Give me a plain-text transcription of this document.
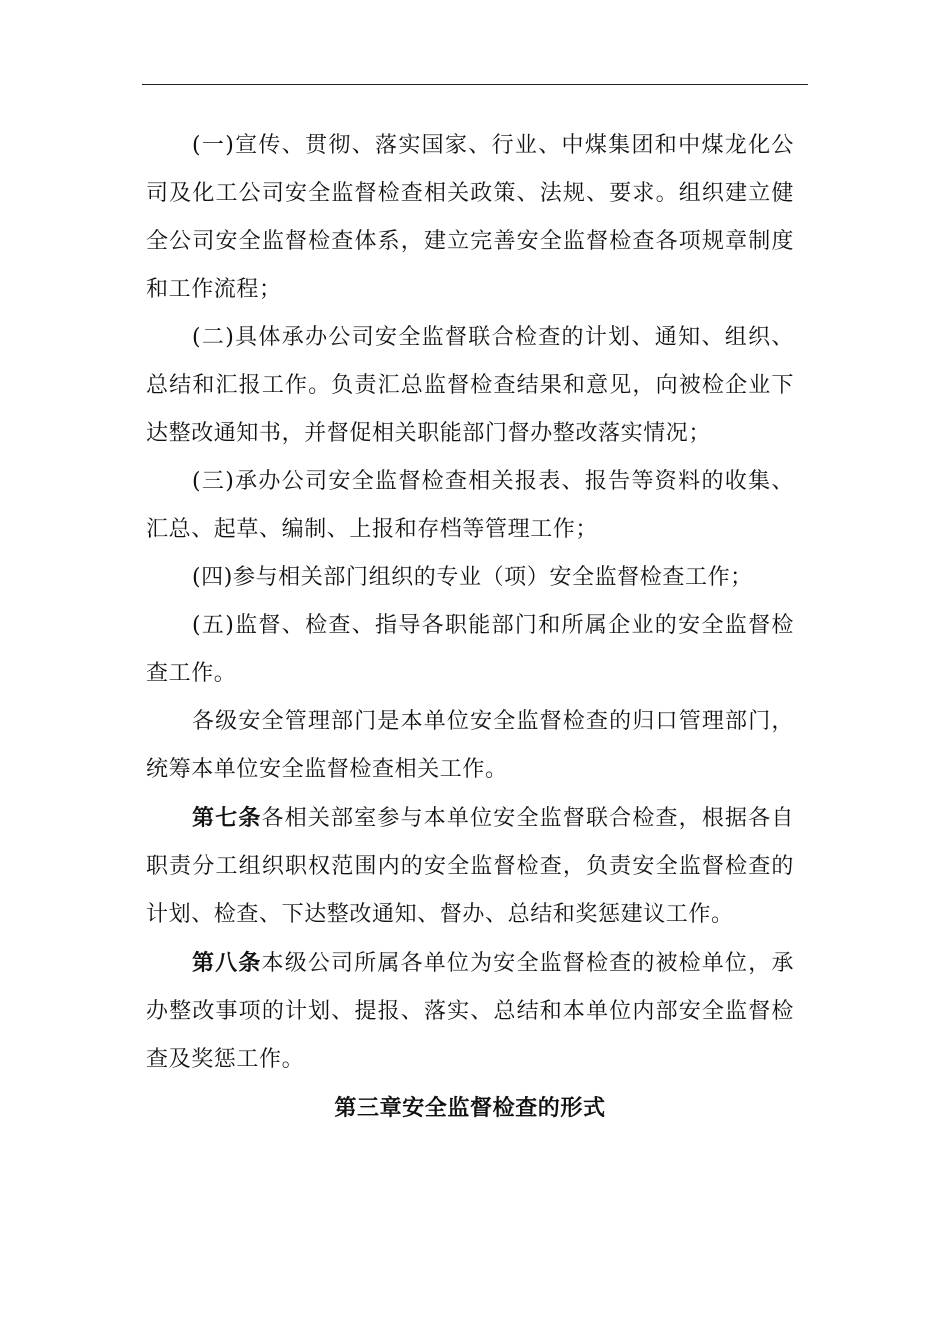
(一)宣传、贯彻、落实国家、行业、中煤集团和中煤龙化公司及化工公司安全监督检查相关政策、法规、要求。组织建立健全公司安全监督检查体系，建立完善安全监督检查各项规章制度和工作流程；

(二)具体承办公司安全监督联合检查的计划、通知、组织、总结和汇报工作。负责汇总监督检查结果和意见，向被检企业下达整改通知书，并督促相关职能部门督办整改落实情况；

(三)承办公司安全监督检查相关报表、报告等资料的收集、汇总、起草、编制、上报和存档等管理工作；

(四)参与相关部门组织的专业（项）安全监督检查工作；

(五)监督、检查、指导各职能部门和所属企业的安全监督检查工作。

各级安全管理部门是本单位安全监督检查的归口管理部门，统筹本单位安全监督检查相关工作。

第七条各相关部室参与本单位安全监督联合检查，根据各自职责分工组织职权范围内的安全监督检查，负责安全监督检查的计划、检查、下达整改通知、督办、总结和奖惩建议工作。

第八条本级公司所属各单位为安全监督检查的被检单位，承办整改事项的计划、提报、落实、总结和本单位内部安全监督检查及奖惩工作。

第三章安全监督检查的形式
